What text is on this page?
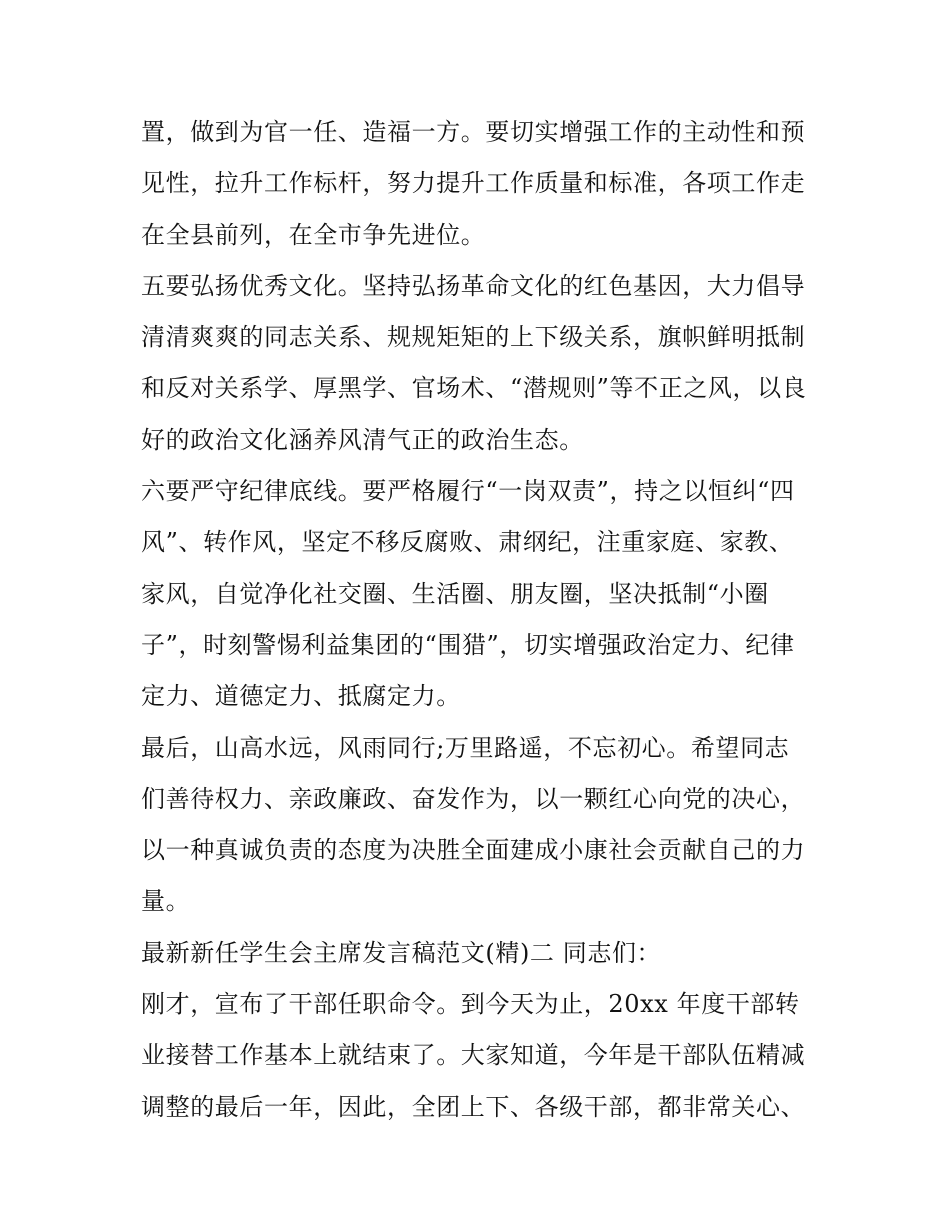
置，做到为官一任、造福一方。要切实增强工作的主动性和预
见性，拉升工作标杆，努力提升工作质量和标准，各项工作走
在全县前列，在全市争先进位。
五要弘扬优秀文化。坚持弘扬革命文化的红色基因，大力倡导
清清爽爽的同志关系、规规矩矩的上下级关系，旗帜鲜明抵制
和反对关系学、厚黑学、官场术、“潜规则”等不正之风，以良
好的政治文化涵养风清气正的政治生态。
六要严守纪律底线。要严格履行“一岗双责”，持之以恒纠“四
风”、转作风，坚定不移反腐败、肃纲纪，注重家庭、家教、
家风，自觉净化社交圈、生活圈、朋友圈，坚决抵制“小圈
子”，时刻警惕利益集团的“围猎”，切实增强政治定力、纪律
定力、道德定力、抵腐定力。
最后，山高水远，风雨同行;万里路遥，不忘初心。希望同志
们善待权力、亲政廉政、奋发作为，以一颗红心向党的决心，
以一种真诚负责的态度为决胜全面建成小康社会贡献自己的力
量。
最新新任学生会主席发言稿范文(精)二 同志们：
刚才，宣布了干部任职命令。到今天为止，20xx 年度干部转
业接替工作基本上就结束了。大家知道，今年是干部队伍精减
调整的最后一年，因此，全团上下、各级干部，都非常关心、
